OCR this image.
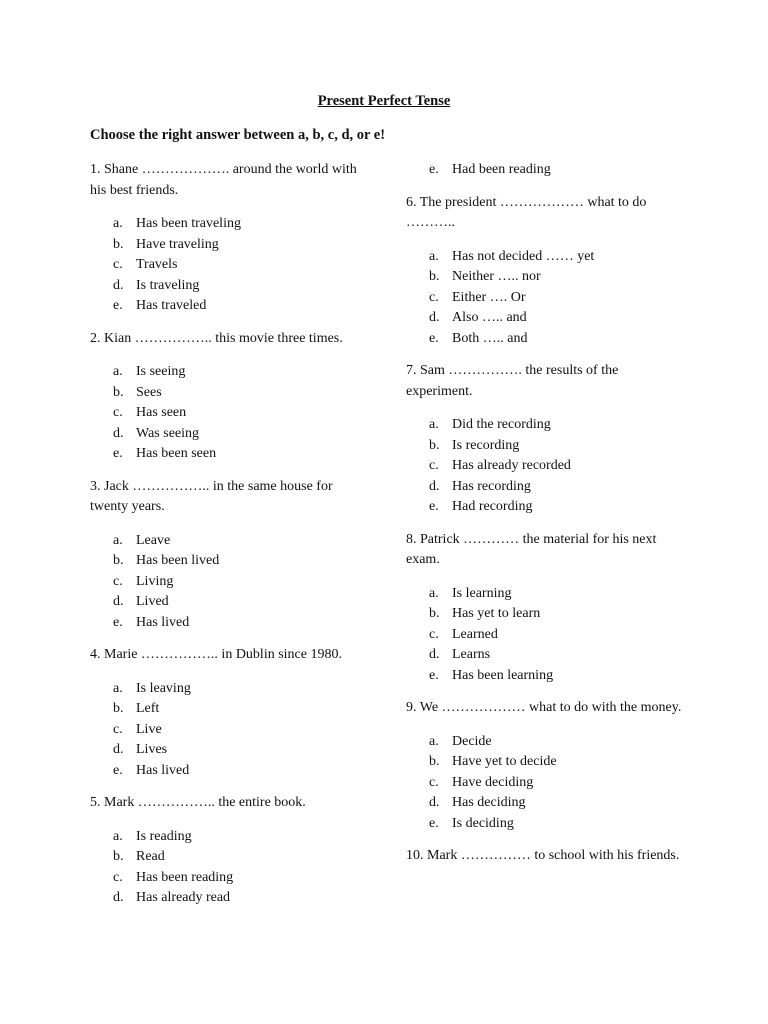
Present Perfect Tense
Choose the right answer between a, b, c, d, or e!
1. Shane ………………. around the world with his best friends.
a. Has been traveling
b. Have traveling
c. Travels
d. Is traveling
e. Has traveled
2. Kian …………….. this movie three times.
a. Is seeing
b. Sees
c. Has seen
d. Was seeing
e. Has been seen
3. Jack …………….. in the same house for twenty years.
a. Leave
b. Has been lived
c. Living
d. Lived
e. Has lived
4. Marie …………….. in Dublin since 1980.
a. Is leaving
b. Left
c. Live
d. Lives
e. Has lived
5. Mark …………….. the entire book.
a. Is reading
b. Read
c. Has been reading
d. Has already read
e. Had been reading
6. The president ……………… what to do ………..
a. Has not decided …… yet
b. Neither ….. nor
c. Either …. Or
d. Also ….. and
e. Both ….. and
7. Sam ……………. the results of the experiment.
a. Did the recording
b. Is recording
c. Has already recorded
d. Has recording
e. Had recording
8. Patrick ………… the material for his next exam.
a. Is learning
b. Has yet to learn
c. Learned
d. Learns
e. Has been learning
9. We ……………… what to do with the money.
a. Decide
b. Have yet to decide
c. Have deciding
d. Has deciding
e. Is deciding
10. Mark …………… to school with his friends.
